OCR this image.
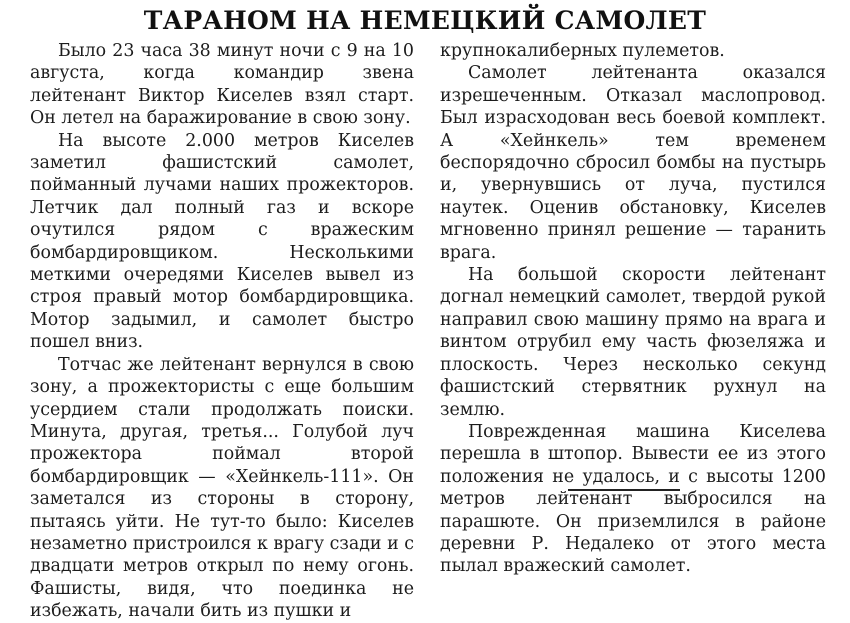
ТАРАНОМ НА НЕМЕЦКИЙ САМОЛЕТ

Было 23 часа 38 минут ночи с 9 на 10 августа, когда командир звена лейтенант Виктор Киселев взял старт. Он летел на баражирование в свою зону.

На высоте 2.000 метров Киселев заметил фашистский самолет, пойманный лучами наших прожекторов. Летчик дал полный газ и вскоре очутился рядом с вражеским бомбардировщиком. Несколькими меткими очередями Киселев вывел из строя правый мотор бомбардировщика. Мотор задымил, и самолет быстро пошел вниз.

Тотчас же лейтенант вернулся в свою зону, а прожектористы с еще большим усердием стали продолжать поиски. Минута, другая, третья... Голубой луч прожектора поймал второй бомбардировщик — «Хейнкель-111». Он заметался из стороны в сторону, пытаясь уйти. Не тут-то было: Киселев незаметно пристроился к врагу сзади и с двадцати метров открыл по нему огонь. Фашисты, видя, что поединка не избежать, начали бить из пушки и

крупнокалиберных пулеметов.

Самолет лейтенанта оказался изрешеченным. Отказал маслопровод. Был израсходован весь боевой комплект. А «Хейнкель» тем временем беспорядочно сбросил бомбы на пустырь и, увернувшись от луча, пустился наутек. Оценив обстановку, Киселев мгновенно принял решение — таранить врага.

На большой скорости лейтенант догнал немецкий самолет, твердой рукой направил свою машину прямо на врага и винтом отрубил ему часть фюзеляжа и плоскость. Через несколько секунд фашистский стервятник рухнул на землю.

Поврежденная машина Киселева перешла в штопор. Вывести ее из этого положения не удалось, и с высоты 1200 метров лейтенант выбросился на парашюте. Он приземлился в районе деревни Р. Недалеко от этого места пылал вражеский самолет.
